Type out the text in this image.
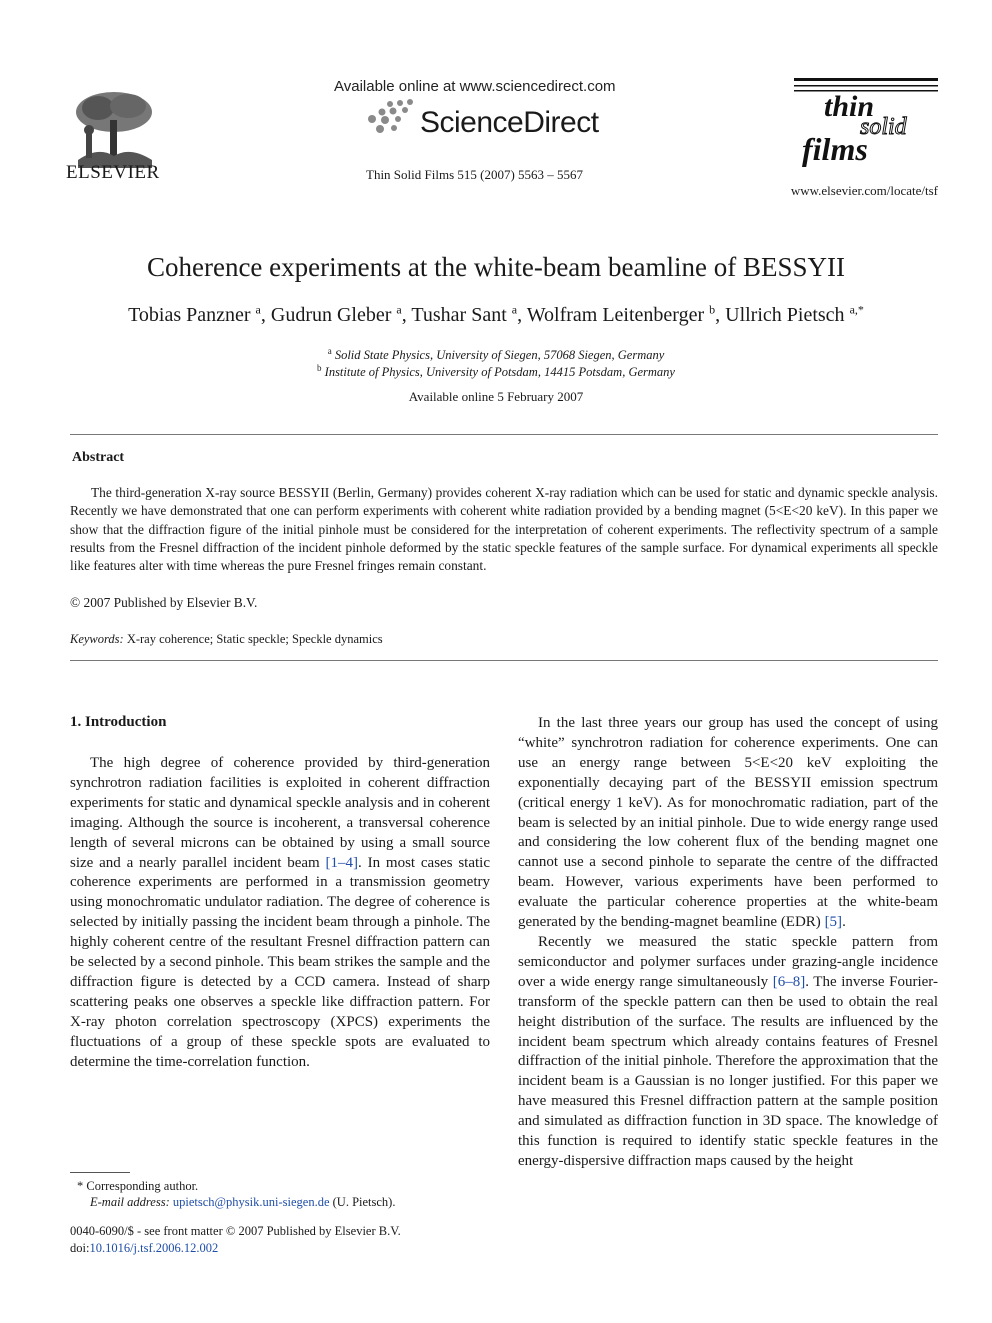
ELSEVIER
Available online at www.sciencedirect.com
ScienceDirect
Thin Solid Films 515 (2007) 5563 – 5567
thin
solid
films
www.elsevier.com/locate/tsf
Coherence experiments at the white-beam beamline of BESSYII
Tobias Panzner $^a$, Gudrun Gleber $^a$, Tushar Sant $^a$, Wolfram Leitenberger $^b$, Ullrich Pietsch $^{a,*}$
$^a$ Solid State Physics, University of Siegen, 57068 Siegen, Germany
$^b$ Institute of Physics, University of Potsdam, 14415 Potsdam, Germany
Available online 5 February 2007
Abstract

The third-generation X-ray source BESSYII (Berlin, Germany) provides coherent X-ray radiation which can be used for static and dynamic speckle analysis. Recently we have demonstrated that one can perform experiments with coherent white radiation provided by a bending magnet (5<E<20 keV). In this paper we show that the diffraction figure of the initial pinhole must be considered for the interpretation of coherent experiments. The reflectivity spectrum of a sample results from the Fresnel diffraction of the incident pinhole deformed by the static speckle features of the sample surface. For dynamical experiments all speckle like features alter with time whereas the pure Fresnel fringes remain constant.

© 2007 Published by Elsevier B.V.
Keywords: X-ray coherence; Static speckle; Speckle dynamics
1. Introduction

The high degree of coherence provided by third-generation synchrotron radiation facilities is exploited in coherent diffraction experiments for static and dynamical speckle analysis and in coherent imaging. Although the source is incoherent, a transversal coherence length of several microns can be obtained by using a small source size and a nearly parallel incident beam [1–4]. In most cases static coherence experiments are performed in a transmission geometry using monochromatic undulator radiation. The degree of coherence is selected by initially passing the incident beam through a pinhole. The highly coherent centre of the resultant Fresnel diffraction pattern can be selected by a second pinhole. This beam strikes the sample and the diffraction figure is detected by a CCD camera. Instead of sharp scattering peaks one observes a speckle like diffraction pattern. For X-ray photon correlation spectroscopy (XPCS) experiments the fluctuations of a group of these speckle spots are evaluated to determine the time-correlation function.

In the last three years our group has used the concept of using “white” synchrotron radiation for coherence experiments. One can use an energy range between 5<E<20 keV exploiting the exponentially decaying part of the BESSYII emission spectrum (critical energy 1 keV). As for monochromatic radiation, part of the beam is selected by an initial pinhole. Due to wide energy range used and considering the low coherent flux of the bending magnet one cannot use a second pinhole to separate the centre of the diffracted beam. However, various experiments have been performed to evaluate the particular coherence properties at the white-beam generated by the bending-magnet beamline (EDR) [5].

Recently we measured the static speckle pattern from semiconductor and polymer surfaces under grazing-angle incidence over a wide energy range simultaneously [6–8]. The inverse Fourier-transform of the speckle pattern can then be used to obtain the real height distribution of the surface. The results are influenced by the incident beam spectrum which already contains features of Fresnel diffraction of the initial pinhole. Therefore the approximation that the incident beam is a Gaussian is no longer justified. For this paper we have measured this Fresnel diffraction pattern at the sample position and simulated as diffraction function in 3D space. The knowledge of this function is required to identify static speckle features in the energy-dispersive diffraction maps caused by the height

* Corresponding author.
E-mail address: upietsch@physik.uni-siegen.de (U. Pietsch).
0040-6090/$ - see front matter © 2007 Published by Elsevier B.V.
doi:10.1016/j.tsf.2006.12.002
